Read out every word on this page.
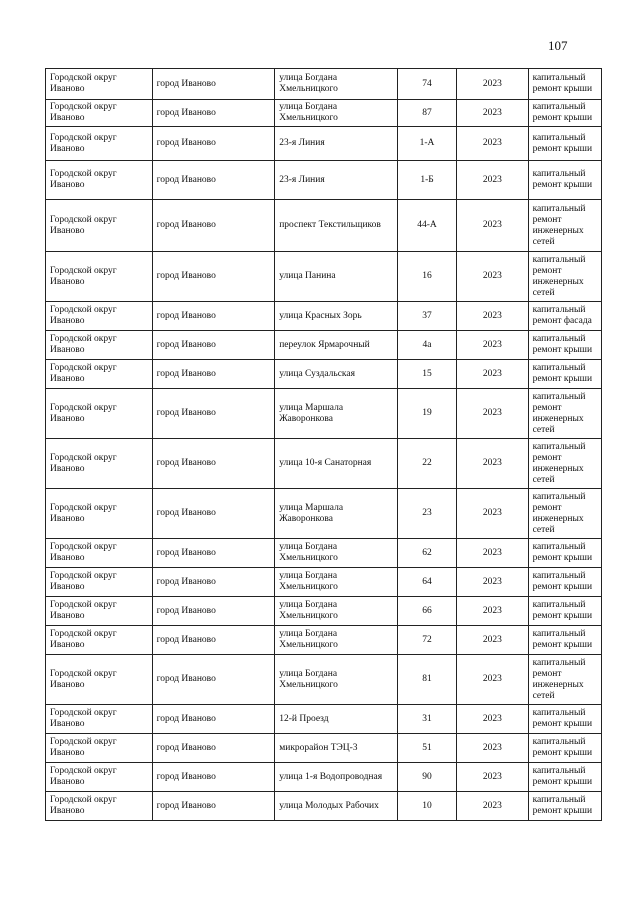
107
Городской округ Иваново	город Иваново	улица Богдана Хмельницкого	74	2023	капитальный ремонт крыши
Городской округ Иваново	город Иваново	улица Богдана Хмельницкого	87	2023	капитальный ремонт крыши
Городской округ Иваново	город Иваново	23-я Линия	1-А	2023	капитальный ремонт крыши
Городской округ Иваново	город Иваново	23-я Линия	1-Б	2023	капитальный ремонт крыши
Городской округ Иваново	город Иваново	проспект Текстильщиков	44-А	2023	капитальный ремонт инженерных сетей
Городской округ Иваново	город Иваново	улица Панина	16	2023	капитальный ремонт инженерных сетей
Городской округ Иваново	город Иваново	улица Красных Зорь	37	2023	капитальный ремонт фасада
Городской округ Иваново	город Иваново	переулок Ярмарочный	4а	2023	капитальный ремонт крыши
Городской округ Иваново	город Иваново	улица Суздальская	15	2023	капитальный ремонт крыши
Городской округ Иваново	город Иваново	улица Маршала Жаворонкова	19	2023	капитальный ремонт инженерных сетей
Городской округ Иваново	город Иваново	улица 10-я Санаторная	22	2023	капитальный ремонт инженерных сетей
Городской округ Иваново	город Иваново	улица Маршала Жаворонкова	23	2023	капитальный ремонт инженерных сетей
Городской округ Иваново	город Иваново	улица Богдана Хмельницкого	62	2023	капитальный ремонт крыши
Городской округ Иваново	город Иваново	улица Богдана Хмельницкого	64	2023	капитальный ремонт крыши
Городской округ Иваново	город Иваново	улица Богдана Хмельницкого	66	2023	капитальный ремонт крыши
Городской округ Иваново	город Иваново	улица Богдана Хмельницкого	72	2023	капитальный ремонт крыши
Городской округ Иваново	город Иваново	улица Богдана Хмельницкого	81	2023	капитальный ремонт инженерных сетей
Городской округ Иваново	город Иваново	12-й Проезд	31	2023	капитальный ремонт крыши
Городской округ Иваново	город Иваново	микрорайон ТЭЦ-3	51	2023	капитальный ремонт крыши
Городской округ Иваново	город Иваново	улица 1-я Водопроводная	90	2023	капитальный ремонт крыши
Городской округ Иваново	город Иваново	улица Молодых Рабочих	10	2023	капитальный ремонт крыши
